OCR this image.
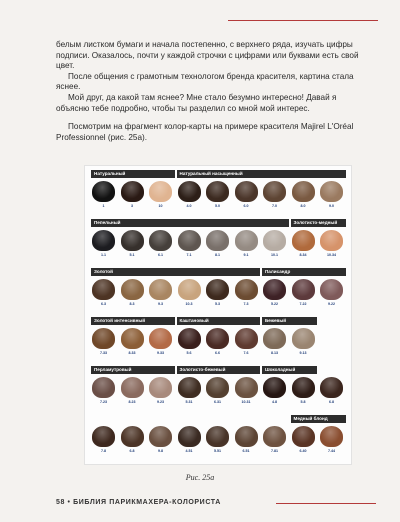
белым листком бумаги и начала постепенно, с верхнего ряда, изучать цифры подписи. Оказалось, почти у каждой строчки с цифрами или буквами есть свой цвет.

После общения с грамотным технологом бренда красителя, картина стала яснее.

Мой друг, да какой там яснее? Мне стало безумно интересно! Давай я объясню тебе подробно, чтобы ты разделил со мной мой интерес.

Посмотрим на фрагмент колор-карты на примере красителя Majirel L'Oréal Professionnel (рис. 25а).

Натуральный	Натуральный насыщенный
1	3	10	4.0	5.0	6.0	7.0	8.0	9.0
Пепельный	Золотисто-медный
1.1	5.1	6.1	7.1	8.1	9.1	10.1	8.34	10.34
Золотой	Палисандр
6.3	8.3	9.3	10.3	5.3	7.3	5.22	7.22	9.22
Золотой интенсивный	Каштановый	Бежевый
7.33	8.33	9.33	5.6	6.6	7.6	8.13	9.13
Перламутровый	Золотисто-бежевый	Шоколадный
7.23	8.23	9.23	5.31	6.31	10.31	4.8	5.8	6.8
Медный блонд
7.8	6.8	9.8	4.51	5.51	6.51	7.81	6.40	7.44
Рис. 25а
58 • БИБЛИЯ ПАРИКМАХЕРА-КОЛОРИСТА
